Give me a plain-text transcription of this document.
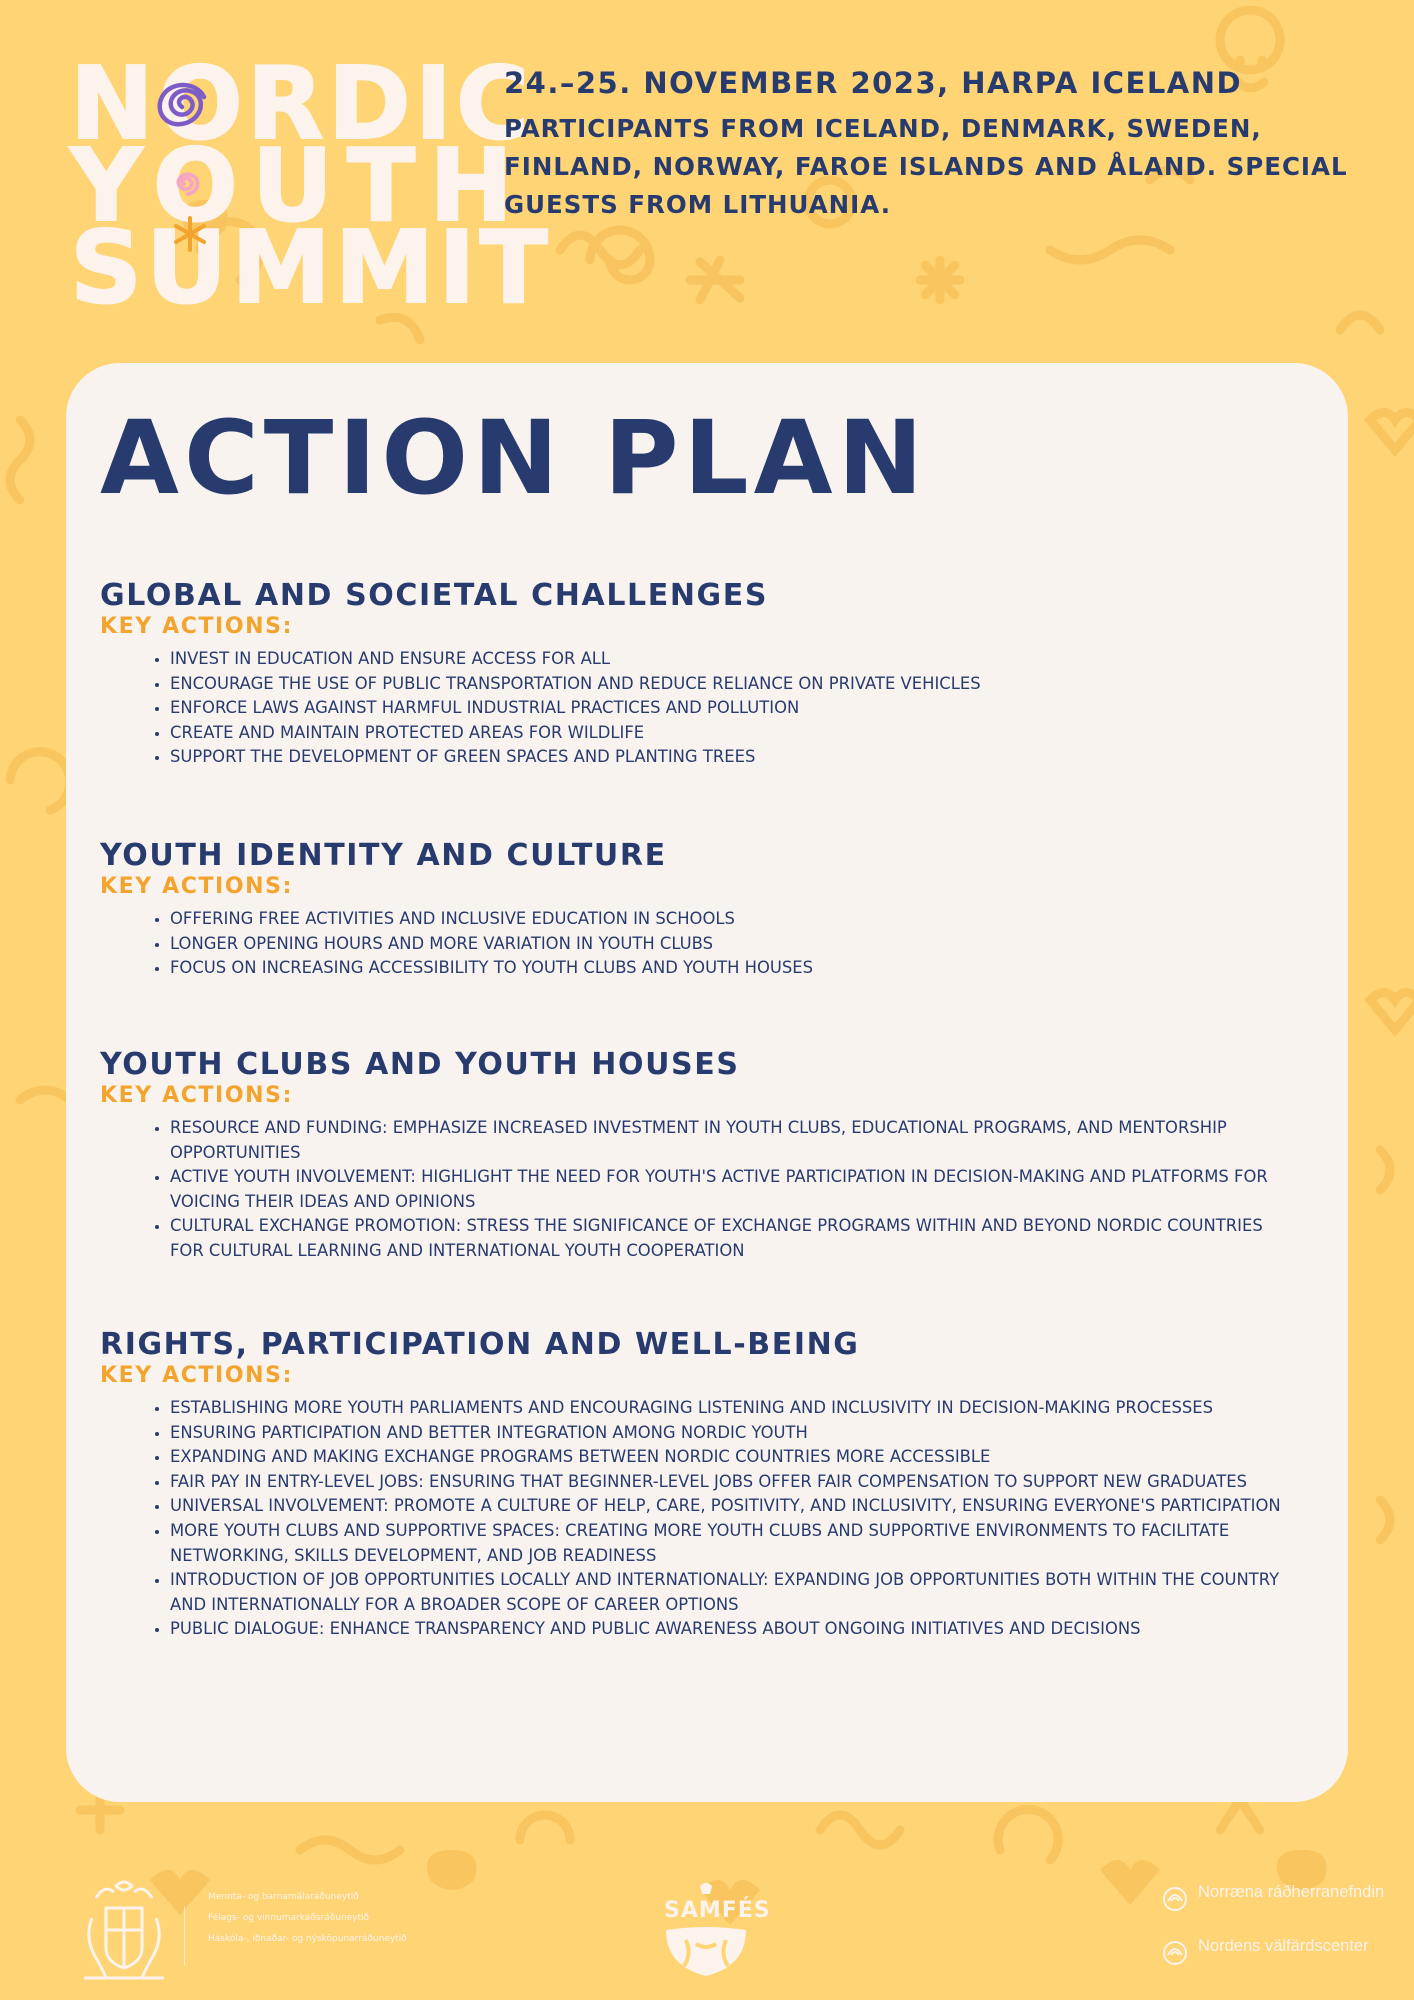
NORDIC
YOUTH
SUMMIT

24.–25. NOVEMBER 2023, HARPA ICELAND

PARTICIPANTS FROM ICELAND, DENMARK, SWEDEN, FINLAND, NORWAY, FAROE ISLANDS AND ÅLAND. SPECIAL GUESTS FROM LITHUANIA.

ACTION PLAN
GLOBAL AND SOCIETAL CHALLENGES
KEY ACTIONS:
• INVEST IN EDUCATION AND ENSURE ACCESS FOR ALL
• ENCOURAGE THE USE OF PUBLIC TRANSPORTATION AND REDUCE RELIANCE ON PRIVATE VEHICLES
• ENFORCE LAWS AGAINST HARMFUL INDUSTRIAL PRACTICES AND POLLUTION
• CREATE AND MAINTAIN PROTECTED AREAS FOR WILDLIFE
• SUPPORT THE DEVELOPMENT OF GREEN SPACES AND PLANTING TREES
YOUTH IDENTITY AND CULTURE
KEY ACTIONS:
• OFFERING FREE ACTIVITIES AND INCLUSIVE EDUCATION IN SCHOOLS
• LONGER OPENING HOURS AND MORE VARIATION IN YOUTH CLUBS
• FOCUS ON INCREASING ACCESSIBILITY TO YOUTH CLUBS AND YOUTH HOUSES
YOUTH CLUBS AND YOUTH HOUSES
KEY ACTIONS:
• RESOURCE AND FUNDING: EMPHASIZE INCREASED INVESTMENT IN YOUTH CLUBS, EDUCATIONAL PROGRAMS, AND MENTORSHIP OPPORTUNITIES
• ACTIVE YOUTH INVOLVEMENT: HIGHLIGHT THE NEED FOR YOUTH'S ACTIVE PARTICIPATION IN DECISION-MAKING AND PLATFORMS FOR VOICING THEIR IDEAS AND OPINIONS
• CULTURAL EXCHANGE PROMOTION: STRESS THE SIGNIFICANCE OF EXCHANGE PROGRAMS WITHIN AND BEYOND NORDIC COUNTRIES FOR CULTURAL LEARNING AND INTERNATIONAL YOUTH COOPERATION
RIGHTS, PARTICIPATION AND WELL-BEING
KEY ACTIONS:
• ESTABLISHING MORE YOUTH PARLIAMENTS AND ENCOURAGING LISTENING AND INCLUSIVITY IN DECISION-MAKING PROCESSES
• ENSURING PARTICIPATION AND BETTER INTEGRATION AMONG NORDIC YOUTH
• EXPANDING AND MAKING EXCHANGE PROGRAMS BETWEEN NORDIC COUNTRIES MORE ACCESSIBLE
• FAIR PAY IN ENTRY-LEVEL JOBS: ENSURING THAT BEGINNER-LEVEL JOBS OFFER FAIR COMPENSATION TO SUPPORT NEW GRADUATES
• UNIVERSAL INVOLVEMENT: PROMOTE A CULTURE OF HELP, CARE, POSITIVITY, AND INCLUSIVITY, ENSURING EVERYONE'S PARTICIPATION
• MORE YOUTH CLUBS AND SUPPORTIVE SPACES: CREATING MORE YOUTH CLUBS AND SUPPORTIVE ENVIRONMENTS TO FACILITATE NETWORKING, SKILLS DEVELOPMENT, AND JOB READINESS
• INTRODUCTION OF JOB OPPORTUNITIES LOCALLY AND INTERNATIONALLY: EXPANDING JOB OPPORTUNITIES BOTH WITHIN THE COUNTRY AND INTERNATIONALLY FOR A BROADER SCOPE OF CAREER OPTIONS
• PUBLIC DIALOGUE: ENHANCE TRANSPARENCY AND PUBLIC AWARENESS ABOUT ONGOING INITIATIVES AND DECISIONS
Mennta- og barnamálaráðuneytið
Félags- og vinnumarkaðsráðuneytið
Háskóla-, iðnaðar- og nýsköpunarráðuneytið
SAMFÉS
Norræna ráðherranefndin
Nordens välfärdscenter
